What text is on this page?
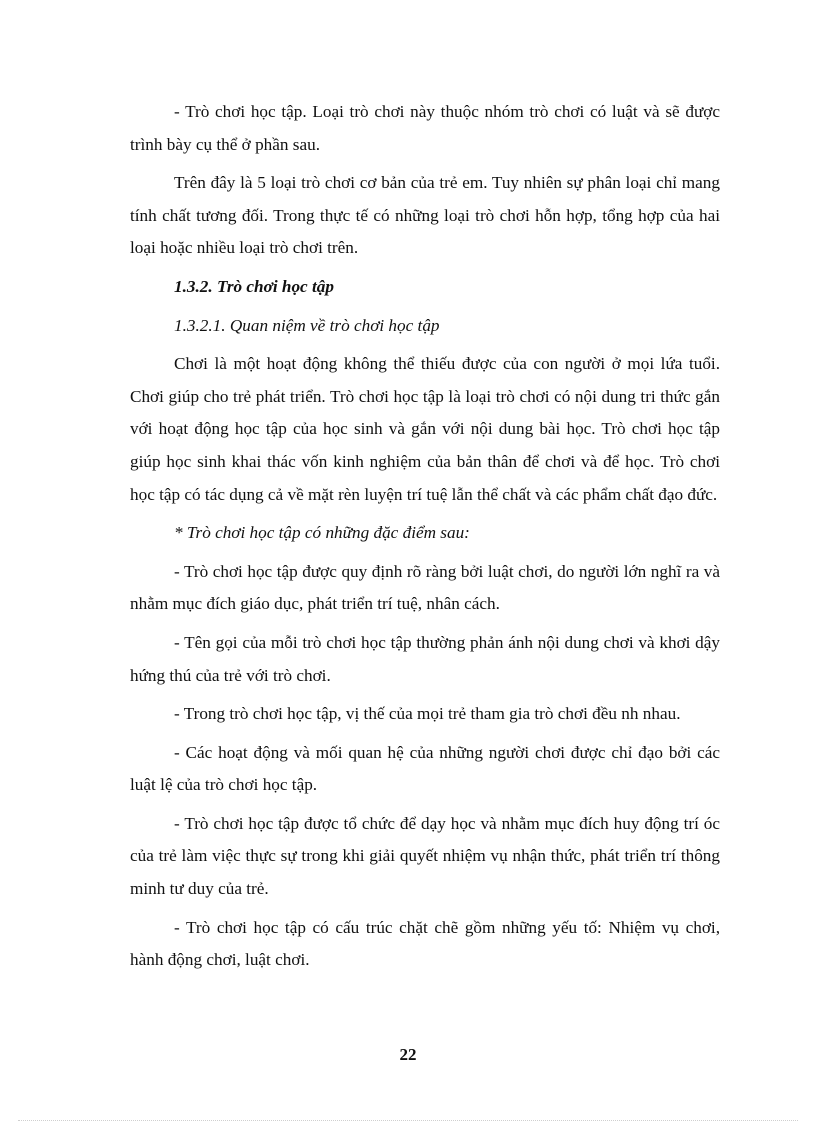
- Trò chơi học tập. Loại trò chơi này thuộc nhóm trò chơi có luật và sẽ được trình bày cụ thể ở phần sau.

Trên đây là 5 loại trò chơi cơ bản của trẻ em. Tuy nhiên sự phân loại chỉ mang tính chất tương đối. Trong thực tế có những loại trò chơi hỗn hợp, tổng hợp của hai loại hoặc nhiều loại trò chơi trên.

1.3.2. Trò chơi học tập

1.3.2.1. Quan niệm về trò chơi học tập

Chơi là một hoạt động không thể thiếu được của con người ở mọi lứa tuổi. Chơi giúp cho trẻ phát triển. Trò chơi học tập là loại trò chơi có nội dung tri thức gắn với hoạt động học tập của học sinh và gắn với nội dung bài học. Trò chơi học tập giúp học sinh khai thác vốn kinh nghiệm của bản thân để chơi và để học. Trò chơi học tập có tác dụng cả về mặt rèn luyện trí tuệ lẫn thể chất và các phẩm chất đạo đức.

* Trò chơi học tập có những đặc điểm sau:

- Trò chơi học tập được quy định rõ ràng bởi luật chơi, do người lớn nghĩ ra và nhằm mục đích giáo dục, phát triển trí tuệ, nhân cách.

- Tên gọi của mỗi trò chơi học tập thường phản ánh nội dung chơi và khơi dậy hứng thú của trẻ với trò chơi.

- Trong trò chơi học tập, vị thế của mọi trẻ tham gia trò chơi đều nh nhau.

- Các hoạt động và mối quan hệ của những người chơi được chỉ đạo bởi các luật lệ của trò chơi học tập.

- Trò chơi học tập được tổ chức để dạy học và nhằm mục đích huy động trí óc của trẻ làm việc thực sự trong khi giải quyết nhiệm vụ nhận thức, phát triển trí thông minh tư duy của trẻ.

- Trò chơi học tập có cấu trúc chặt chẽ gồm những yếu tố: Nhiệm vụ chơi, hành động chơi, luật chơi.

22
